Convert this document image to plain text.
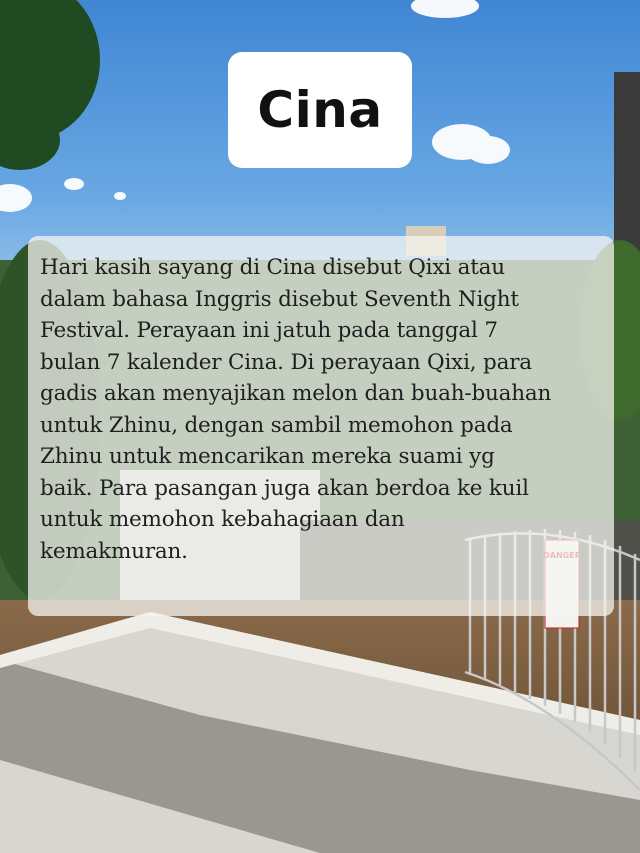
Cina

Hari kasih sayang di Cina disebut Qixi atau
dalam bahasa Inggris disebut Seventh Night
Festival. Perayaan ini jatuh pada tanggal 7
bulan 7 kalender Cina. Di perayaan Qixi, para
gadis akan menyajikan melon dan buah-buahan
untuk Zhinu, dengan sambil memohon pada
Zhinu untuk mencarikan mereka suami yg
baik. Para pasangan juga akan berdoa ke kuil
untuk memohon kebahagiaan dan
kemakmuran.
